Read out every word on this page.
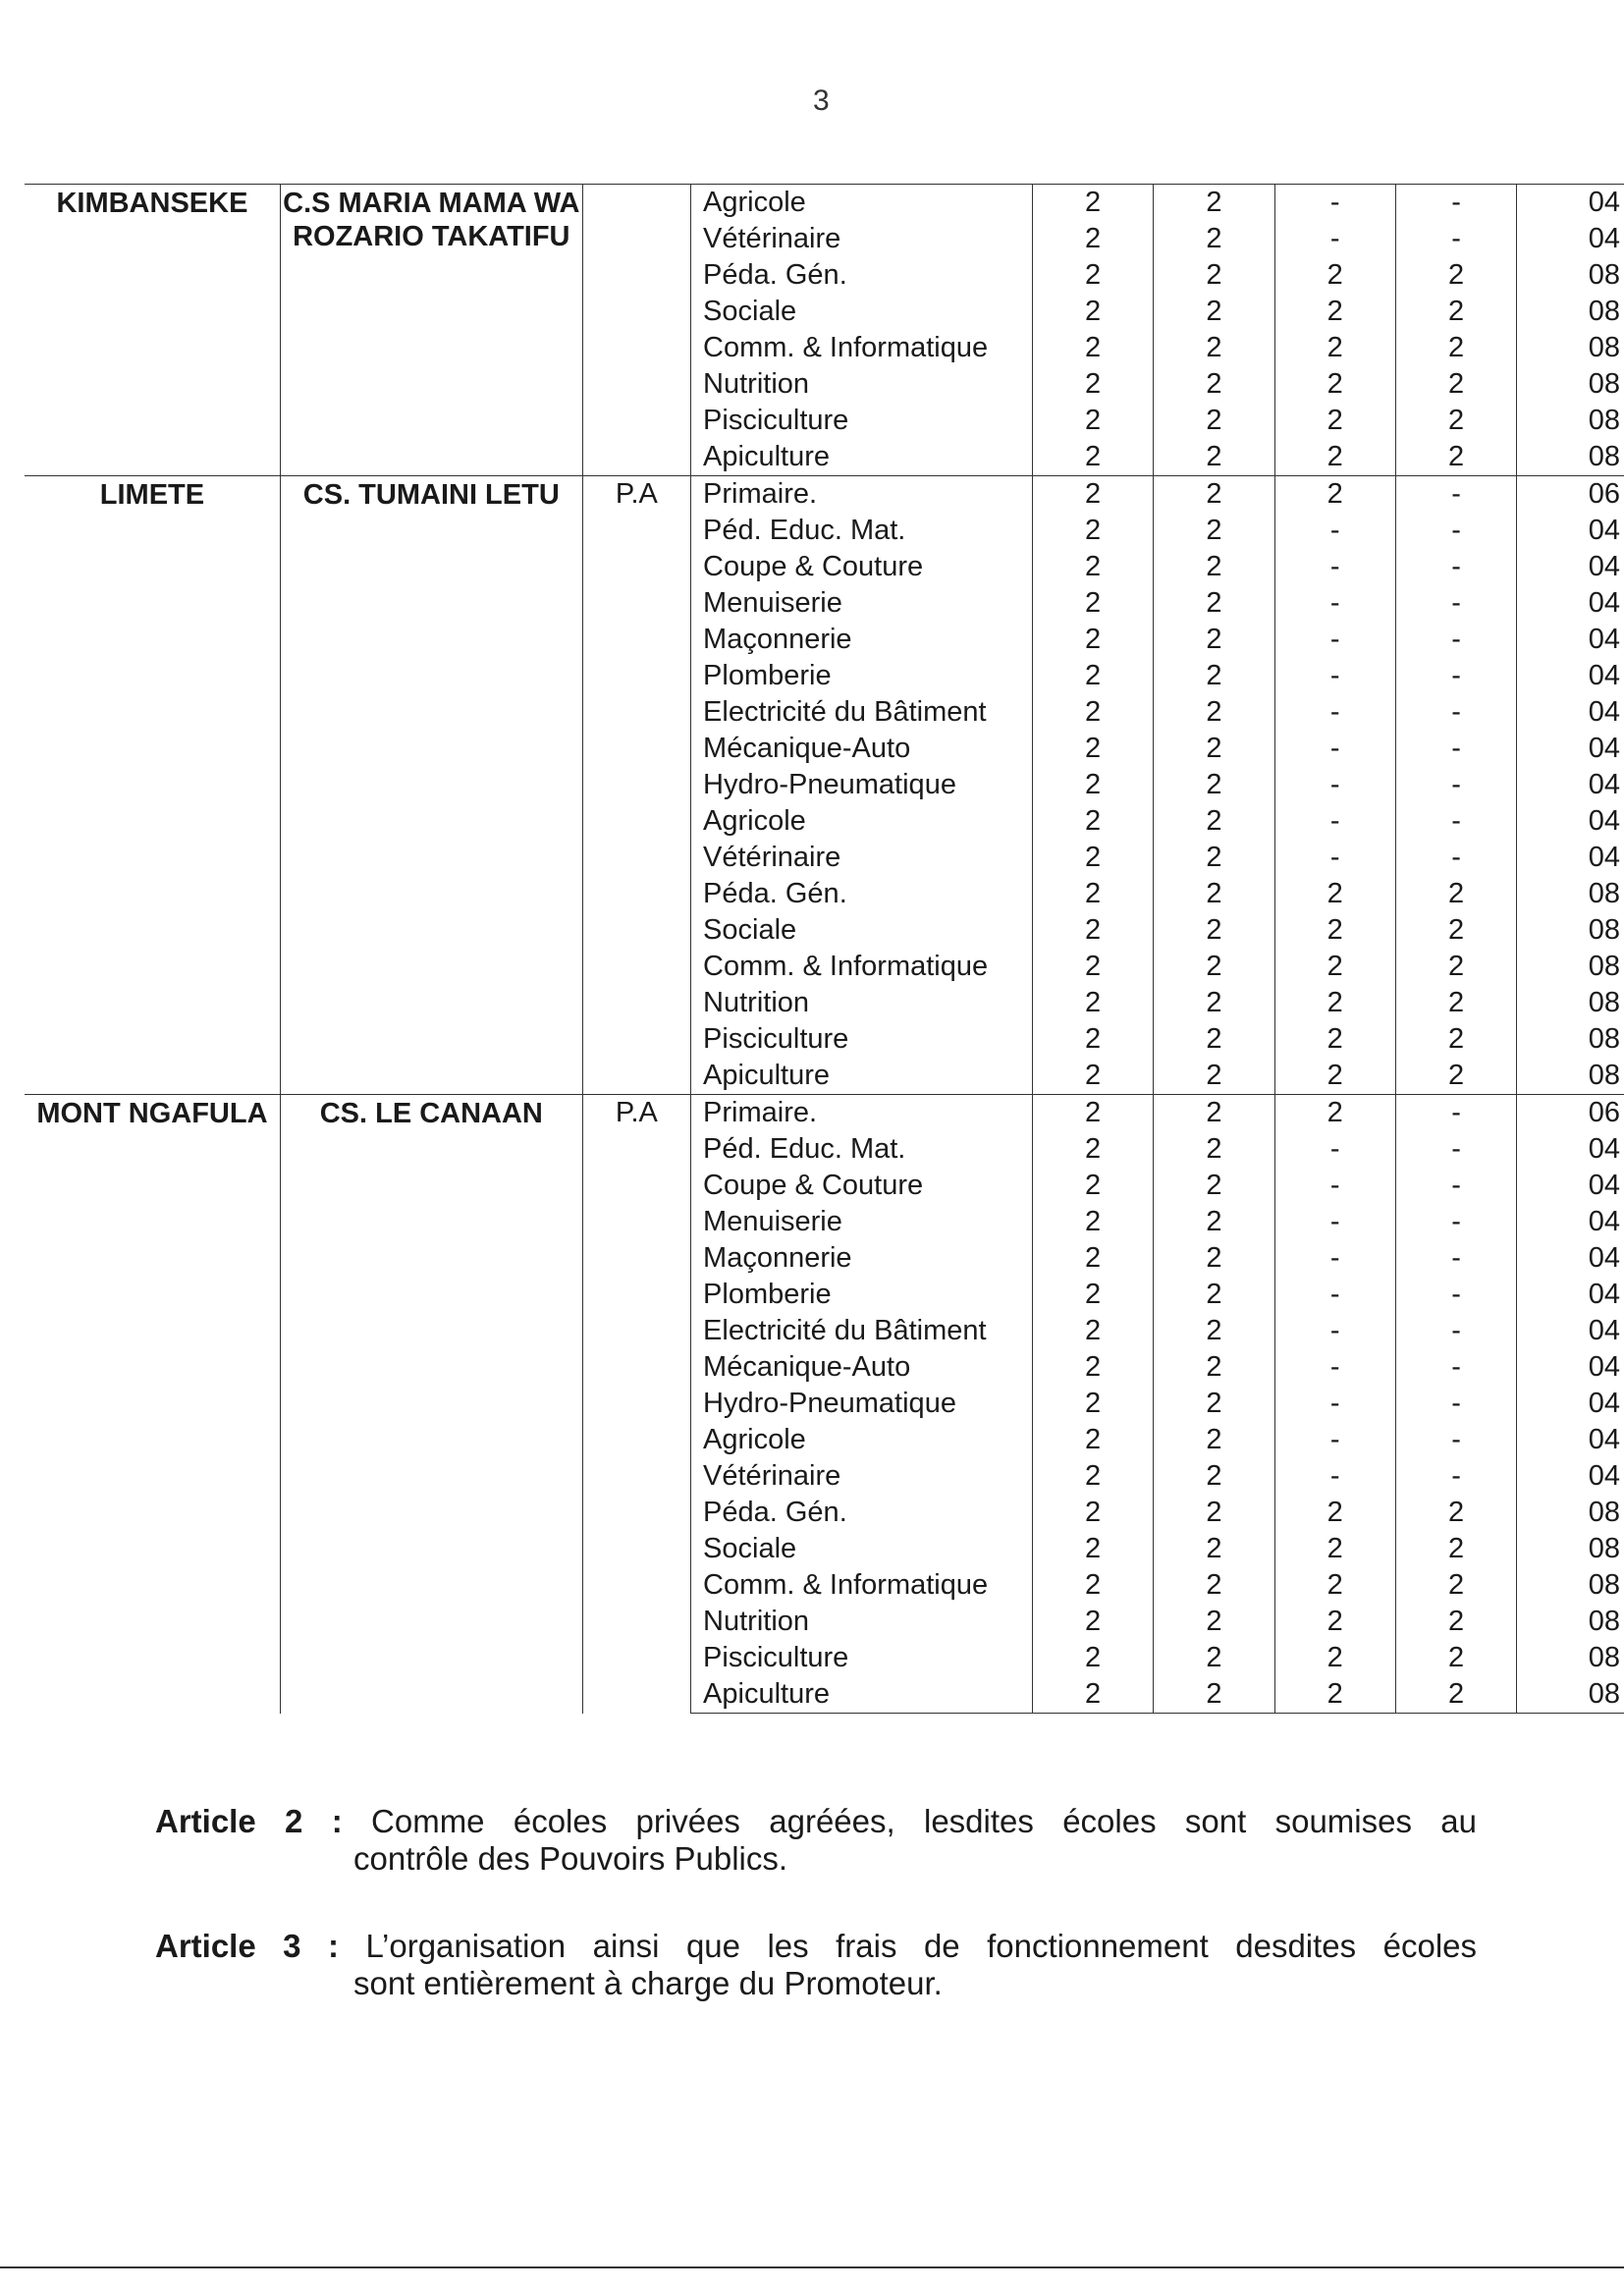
3
KIMBANSEKE	C.S MARIA MAMA WA ROZARIO TAKATIFU		Agricole	2	2	-	-	04
			Vétérinaire	2	2	-	-	04
			Péda. Gén.	2	2	2	2	08
			Sociale	2	2	2	2	08
			Comm. & Informatique	2	2	2	2	08
			Nutrition	2	2	2	2	08
			Pisciculture	2	2	2	2	08
			Apiculture	2	2	2	2	08
LIMETE	CS. TUMAINI LETU	P.A	Primaire.	2	2	2	-	06
			Péd. Educ. Mat.	2	2	-	-	04
			Coupe & Couture	2	2	-	-	04
			Menuiserie	2	2	-	-	04
			Maçonnerie	2	2	-	-	04
			Plomberie	2	2	-	-	04
			Electricité du Bâtiment	2	2	-	-	04
			Mécanique-Auto	2	2	-	-	04
			Hydro-Pneumatique	2	2	-	-	04
			Agricole	2	2	-	-	04
			Vétérinaire	2	2	-	-	04
			Péda. Gén.	2	2	2	2	08
			Sociale	2	2	2	2	08
			Comm. & Informatique	2	2	2	2	08
			Nutrition	2	2	2	2	08
			Pisciculture	2	2	2	2	08
			Apiculture	2	2	2	2	08
MONT NGAFULA	CS. LE CANAAN	P.A	Primaire.	2	2	2	-	06
			Péd. Educ. Mat.	2	2	-	-	04
			Coupe & Couture	2	2	-	-	04
			Menuiserie	2	2	-	-	04
			Maçonnerie	2	2	-	-	04
			Plomberie	2	2	-	-	04
			Electricité du Bâtiment	2	2	-	-	04
			Mécanique-Auto	2	2	-	-	04
			Hydro-Pneumatique	2	2	-	-	04
			Agricole	2	2	-	-	04
			Vétérinaire	2	2	-	-	04
			Péda. Gén.	2	2	2	2	08
			Sociale	2	2	2	2	08
			Comm. & Informatique	2	2	2	2	08
			Nutrition	2	2	2	2	08
			Pisciculture	2	2	2	2	08
			Apiculture	2	2	2	2	08
Article 2 : Comme écoles privées agréées, lesdites écoles sont soumises au
contrôle des Pouvoirs Publics.
Article 3 : L’organisation ainsi que les frais de fonctionnement desdites écoles
sont entièrement à charge du Promoteur.
